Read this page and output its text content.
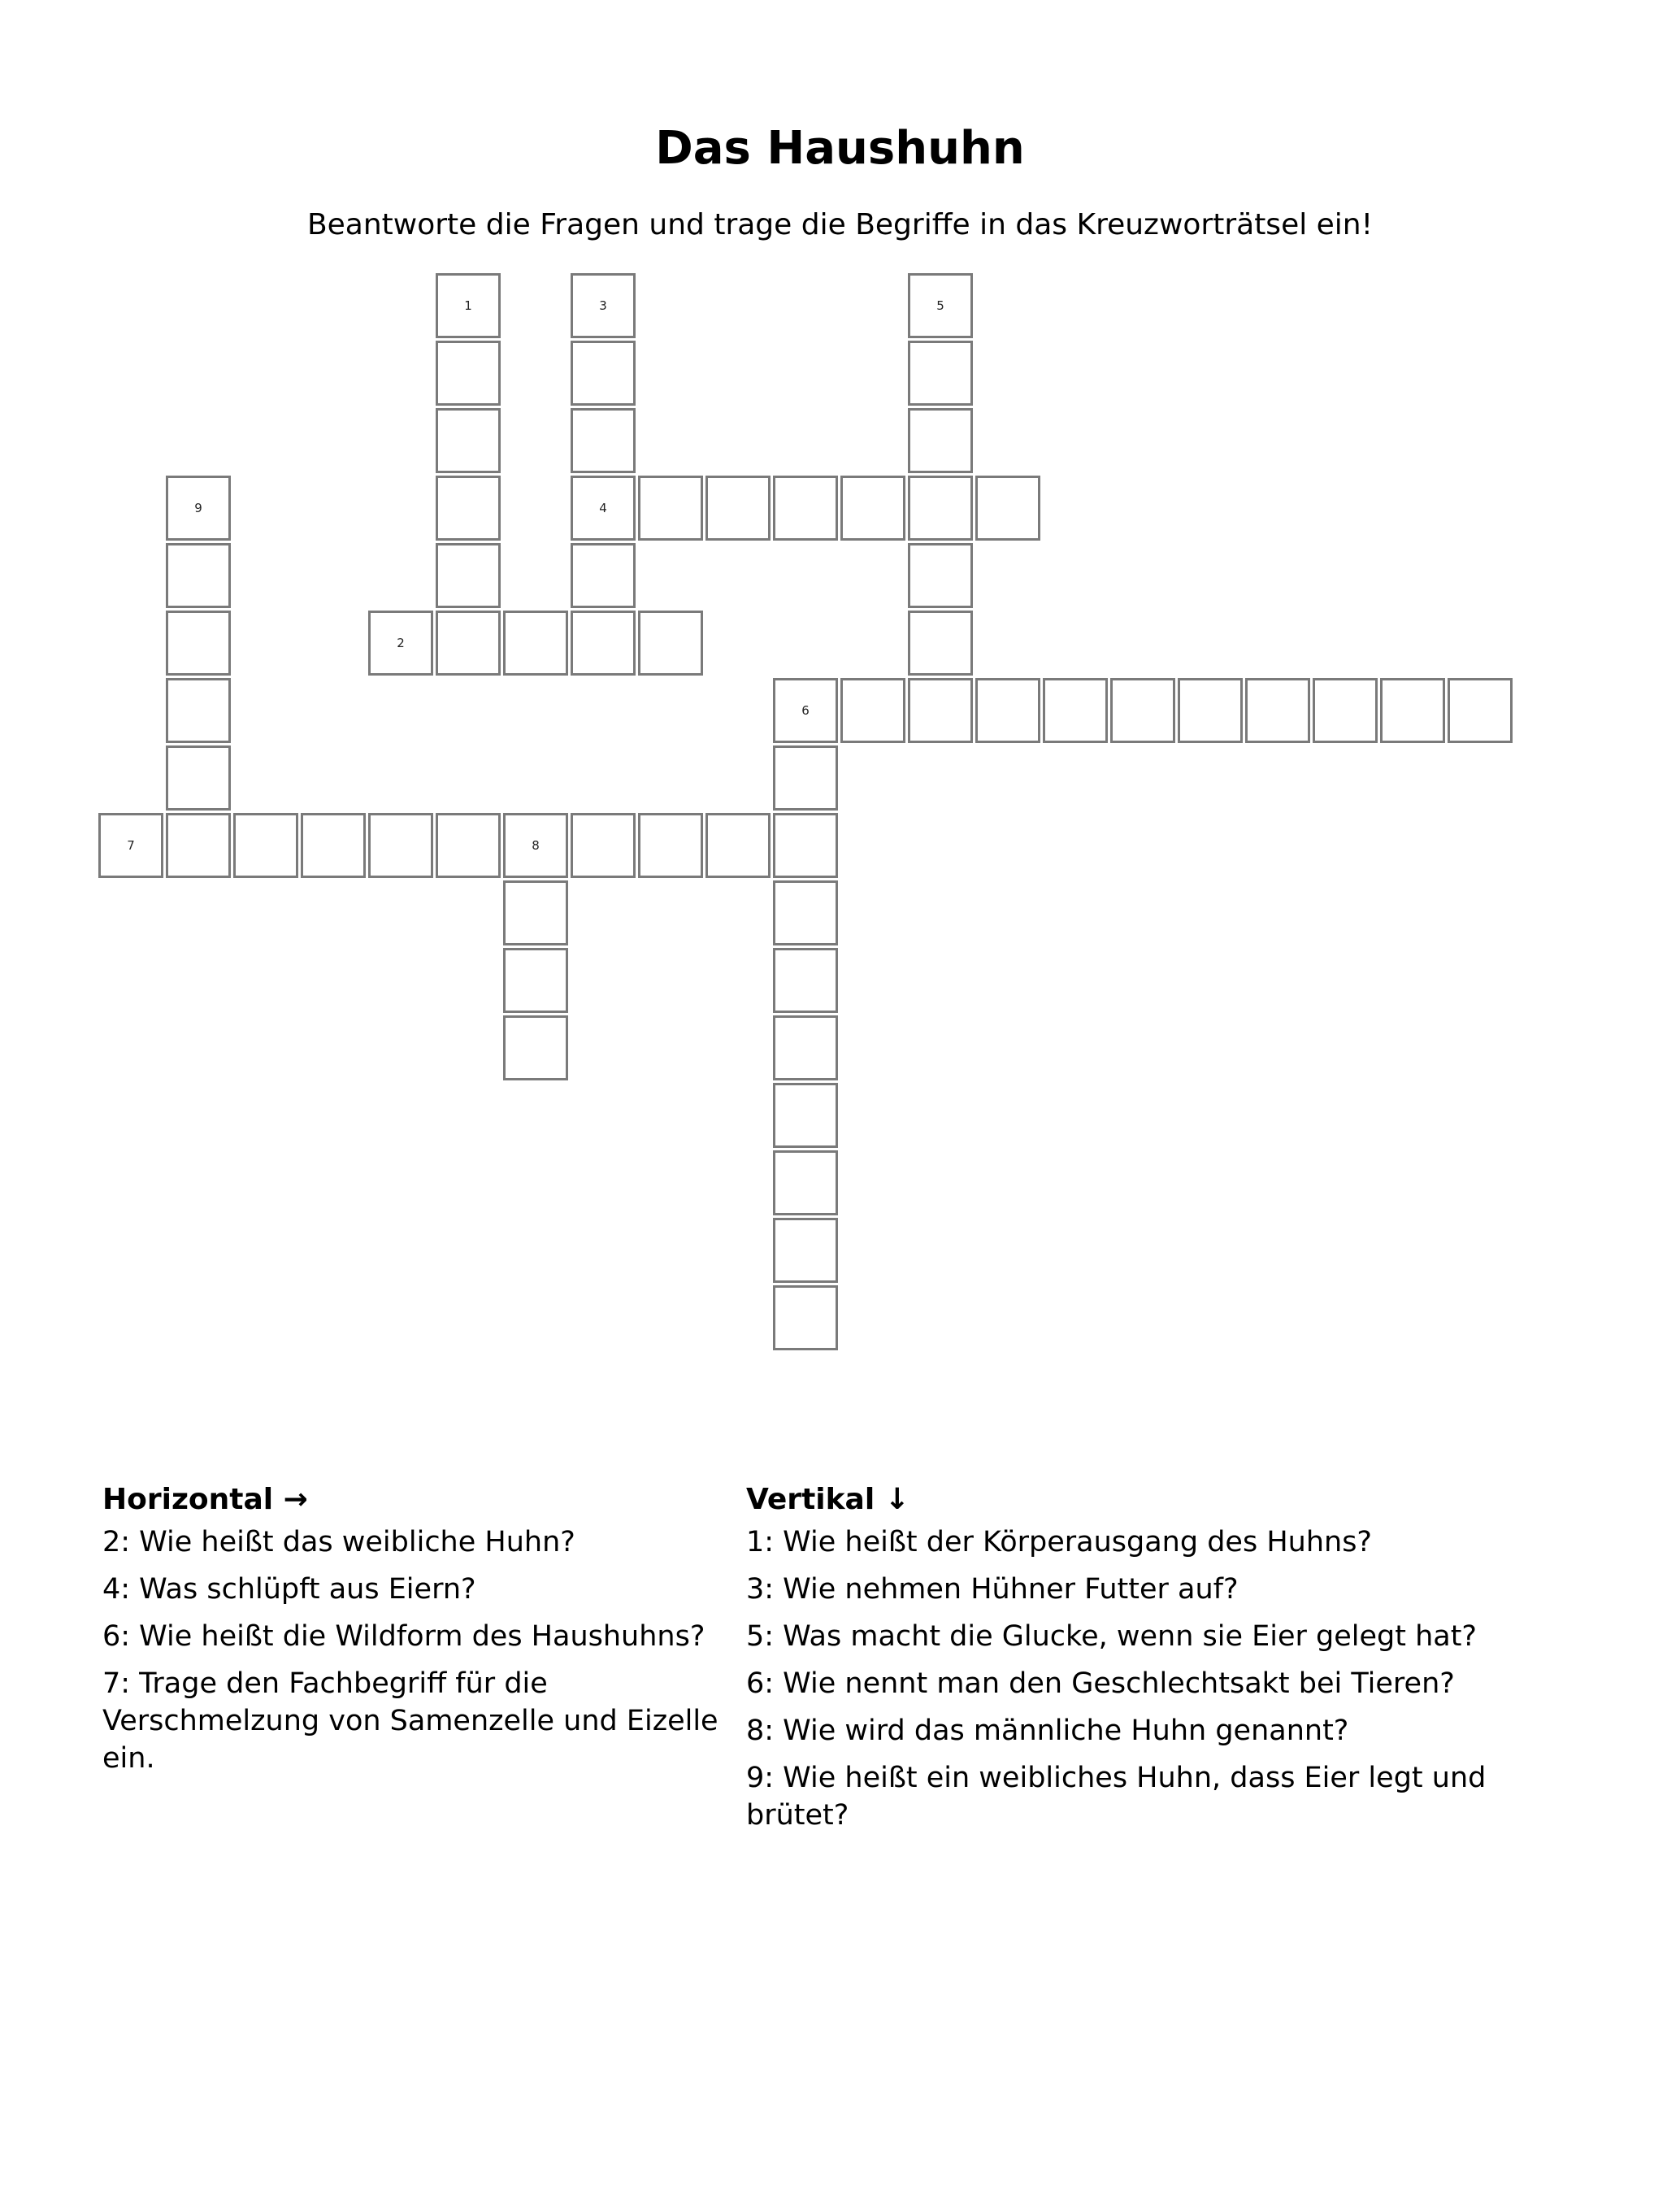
Das Haushuhn
Beantworte die Fragen und trage die Begriffe in das Kreuzworträtsel ein!
1
2
3
4
5
6
7	8
9
Horizontal →
2: Wie heißt das weibliche Huhn?
4: Was schlüpft aus Eiern?
6: Wie heißt die Wildform des Haushuhns?
7: Trage den Fachbegriff für die
Verschmelzung von Samenzelle und Eizelle
ein.
Vertikal ↓
1: Wie heißt der Körperausgang des Huhns?
3: Wie nehmen Hühner Futter auf?
5: Was macht die Glucke, wenn sie Eier gelegt hat?

6: Wie nennt man den Geschlechtsakt bei Tieren?

8: Wie wird das männliche Huhn genannt?
9: Wie heißt ein weibliches Huhn, dass Eier legt und
brütet?
